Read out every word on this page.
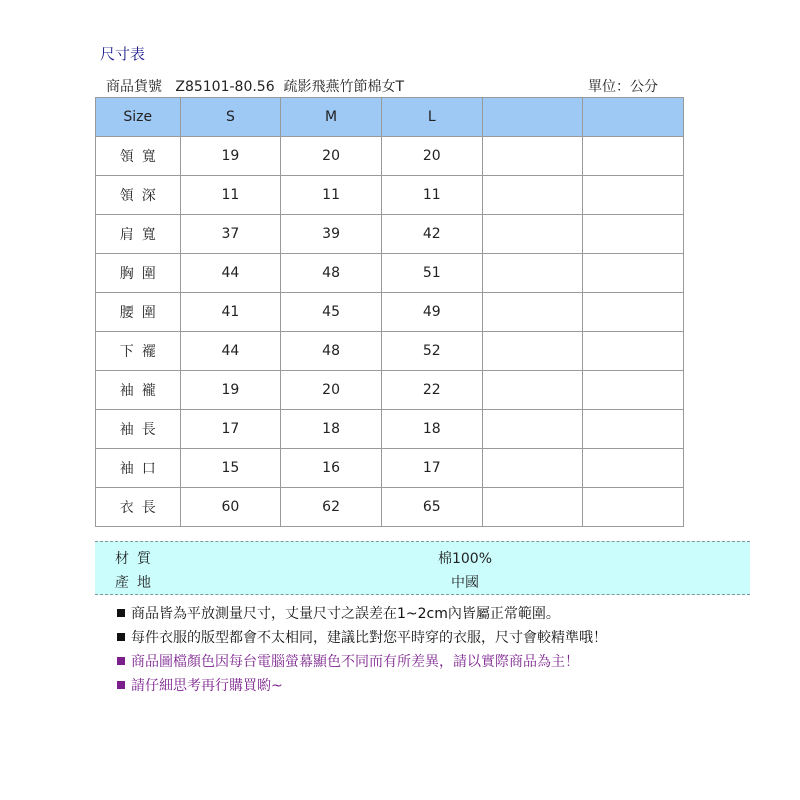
尺寸表
商品貨號 Z85101-80.56 疏影飛燕竹節棉女T	單位：公分
Size	S	M	L		
領寬	19	20	20		
領深	11	11	11		
肩寬	37	39	42		
胸圍	44	48	51		
腰圍	41	45	49		
下襬	44	48	52		
袖襱	19	20	22		
袖長	17	18	18		
袖口	15	16	17		
衣長	60	62	65		
材質	棉100%
產地	中國
商品皆為平放測量尺寸，丈量尺寸之誤差在1~2cm內皆屬正常範圍。
每件衣服的版型都會不太相同，建議比對您平時穿的衣服，尺寸會較精準哦！
商品圖檔顏色因每台電腦螢幕顯色不同而有所差異，請以實際商品為主！
請仔細思考再行購買喲~
